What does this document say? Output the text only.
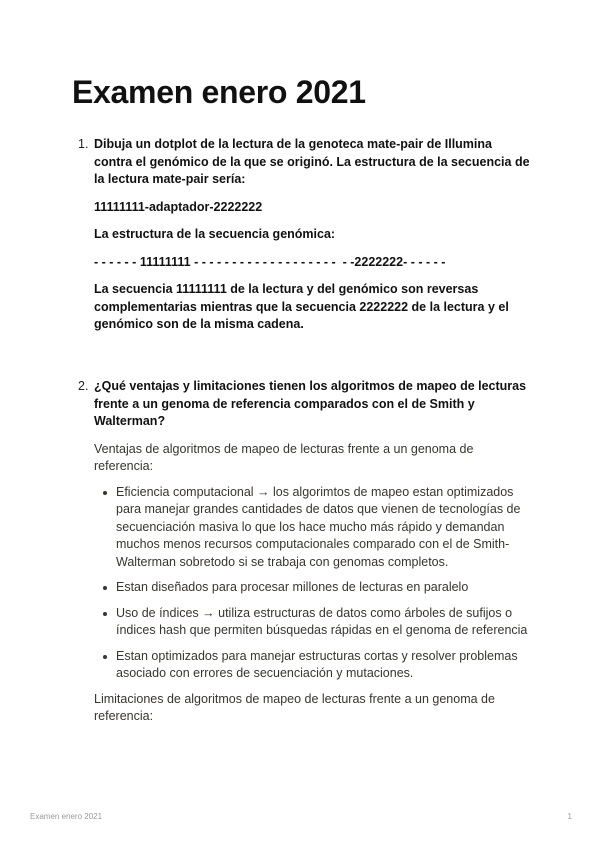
Examen enero 2021
1. Dibuja un dotplot de la lectura de la genoteca mate-pair de Illumina contra el genómico de la que se originó. La estructura de la secuencia de la lectura mate-pair sería:

11111111-adaptador-2222222

La estructura de la secuencia genómica:

- - - - - - 11111111 - - - - - - - - - - - - - - - - - - -  - -2222222- - - - - -

La secuencia 11111111 de la lectura y del genómico son reversas complementarias mientras que la secuencia 2222222 de la lectura y el genómico son de la misma cadena.

2. ¿Qué ventajas y limitaciones tienen los algoritmos de mapeo de lecturas frente a un genoma de referencia comparados con el de Smith y Walterman?

Ventajas de algoritmos de mapeo de lecturas frente a un genoma de referencia:

Eficiencia computacional → los algorimtos de mapeo estan optimizados para manejar grandes cantidades de datos que vienen de tecnologías de secuenciación masiva lo que los hace mucho más rápido y demandan muchos menos recursos computacionales comparado con el de Smith-Walterman sobretodo si se trabaja con genomas completos.
Estan diseñados para procesar millones de lecturas en paralelo
Uso de índices → utiliza estructuras de datos como árboles de sufijos o índices hash que permiten búsquedas rápidas en el genoma de referencia
Estan optimizados para manejar estructuras cortas y resolver problemas asociado con errores de secuenciación y mutaciones.

Limitaciones de algoritmos de mapeo de lecturas frente a un genoma de referencia:

Examen enero 2021	1
